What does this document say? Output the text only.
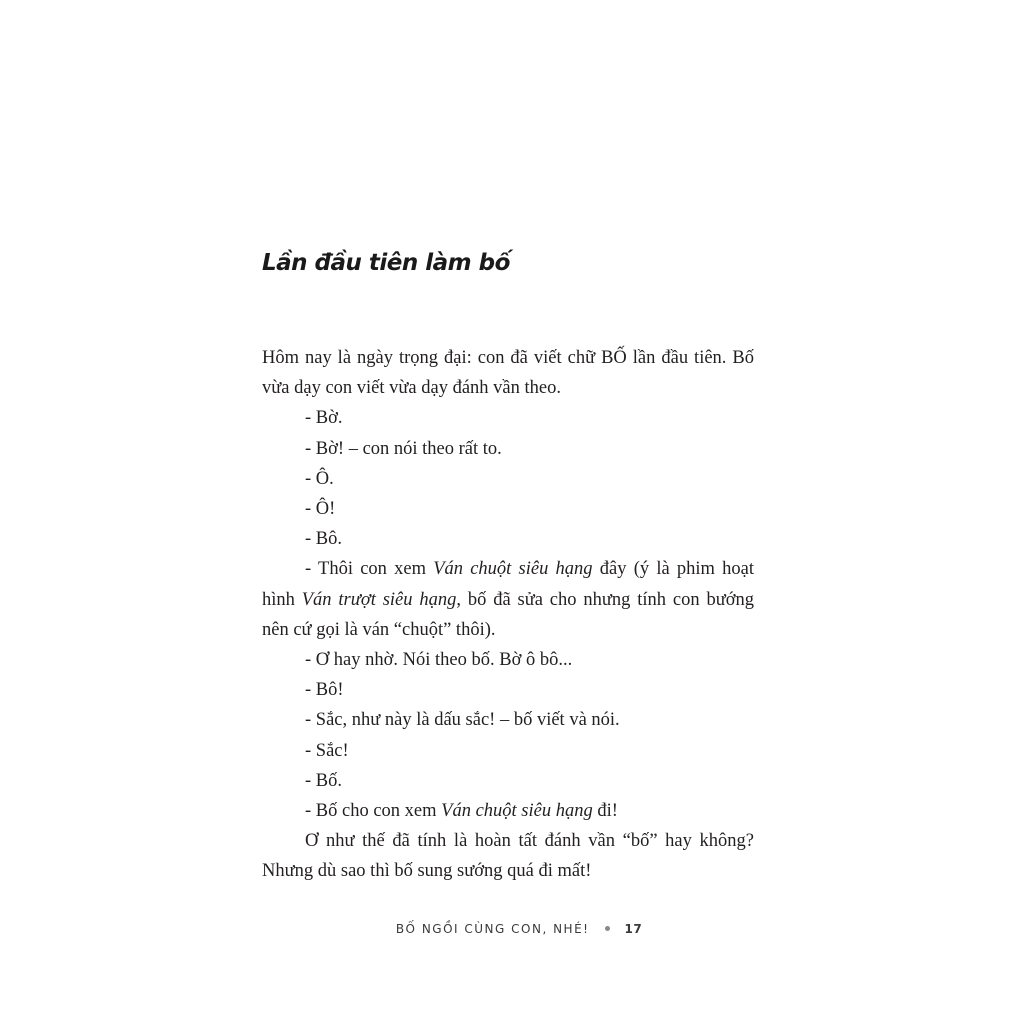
Lần đầu tiên làm bố

Hôm nay là ngày trọng đại: con đã viết chữ BỐ lần đầu tiên. Bố vừa dạy con viết vừa dạy đánh vần theo.

- Bờ.

- Bờ! – con nói theo rất to.

- Ô.

- Ô!

- Bô.

- Thôi con xem Ván chuột siêu hạng đây (ý là phim hoạt hình Ván trượt siêu hạng, bố đã sửa cho nhưng tính con bướng nên cứ gọi là ván “chuột” thôi).

- Ơ hay nhờ. Nói theo bố. Bờ ô bô...

- Bô!

- Sắc, như này là dấu sắc! – bố viết và nói.

- Sắc!

- Bố.

- Bố cho con xem Ván chuột siêu hạng đi!

Ơ như thế đã tính là hoàn tất đánh vần “bố” hay không? Nhưng dù sao thì bố sung sướng quá đi mất!

BỐ NGỒI CÙNG CON, NHÉ!	17
